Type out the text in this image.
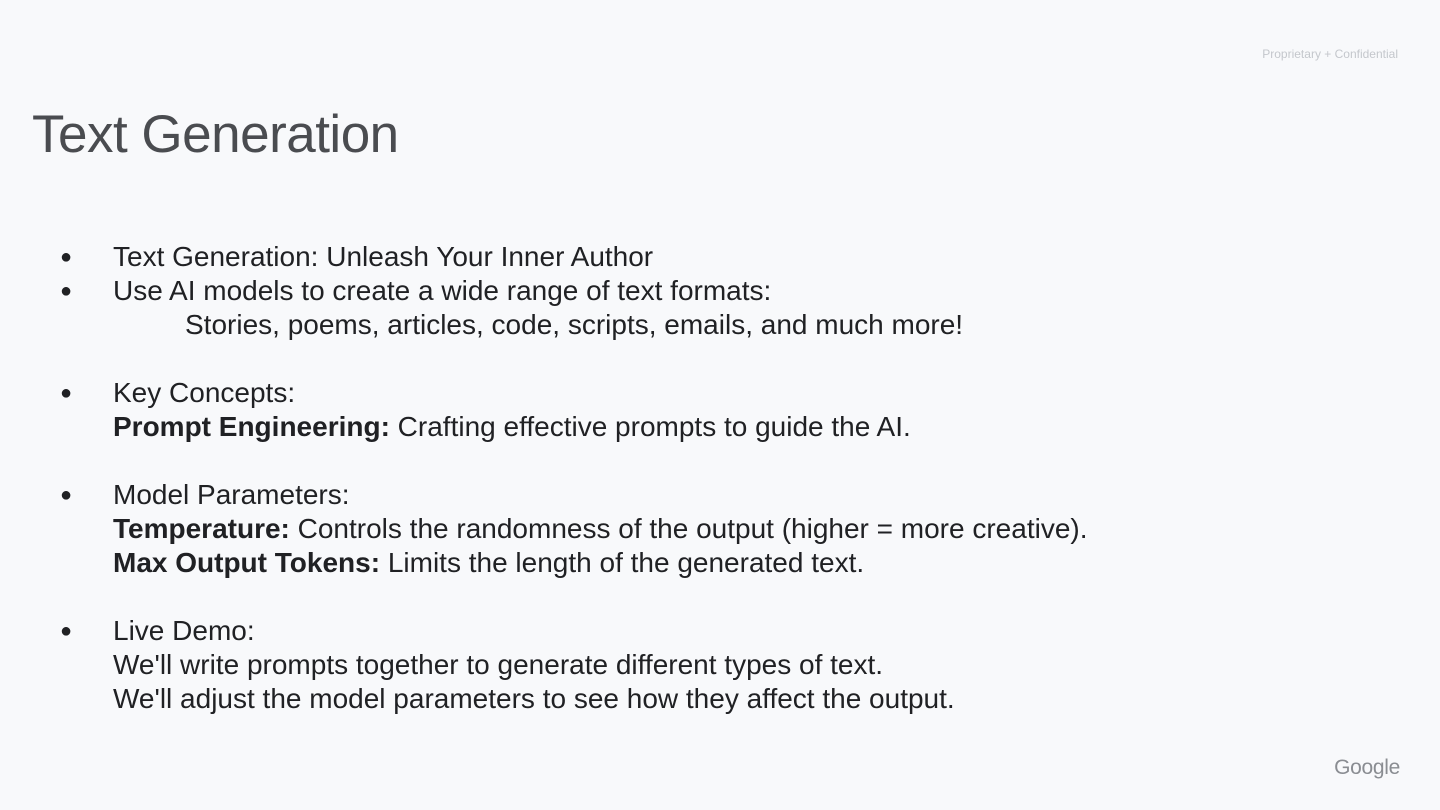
Proprietary + Confidential
Text Generation
● Text Generation: Unleash Your Inner Author
● Use AI models to create a wide range of text formats:
Stories, poems, articles, code, scripts, emails, and much more!
● Key Concepts:
Prompt Engineering: Crafting effective prompts to guide the AI.
● Model Parameters:
Temperature: Controls the randomness of the output (higher = more creative).
Max Output Tokens: Limits the length of the generated text.
● Live Demo:
We'll write prompts together to generate different types of text.
We'll adjust the model parameters to see how they affect the output.
Google
